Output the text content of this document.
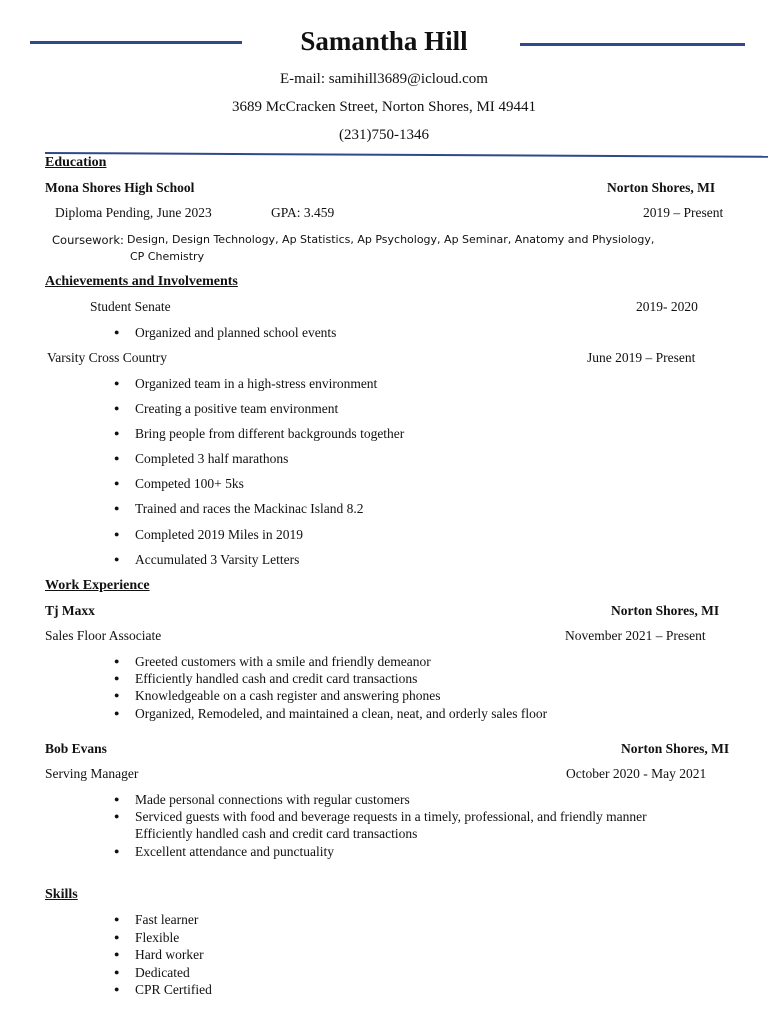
Samantha Hill
E-mail: samihill3689@icloud.com
3689 McCracken Street, Norton Shores, MI 49441
(231)750-1346
Education
Mona Shores High School	Norton Shores, MI
Diploma Pending, June 2023	GPA: 3.459	2019 – Present
Coursework: Design, Design Technology, Ap Statistics, Ap Psychology, Ap Seminar, Anatomy and Physiology,
CP Chemistry
Achievements and Involvements
Student Senate	2019- 2020
● Organized and planned school events
Varsity Cross Country	June 2019 – Present
● Organized team in a high-stress environment
● Creating a positive team environment
● Bring people from different backgrounds together
● Completed 3 half marathons
● Competed 100+ 5ks
● Trained and races the Mackinac Island 8.2
● Completed 2019 Miles in 2019
● Accumulated 3 Varsity Letters
Work Experience
Tj Maxx	Norton Shores, MI
Sales Floor Associate	November 2021 – Present
● Greeted customers with a smile and friendly demeanor
● Efficiently handled cash and credit card transactions
● Knowledgeable on a cash register and answering phones
● Organized, Remodeled, and maintained a clean, neat, and orderly sales floor
Bob Evans	Norton Shores, MI
Serving Manager	October 2020 - May 2021
● Made personal connections with regular customers
● Serviced guests with food and beverage requests in a timely, professional, and friendly manner
Efficiently handled cash and credit card transactions
● Excellent attendance and punctuality
Skills
● Fast learner
● Flexible
● Hard worker
● Dedicated
● CPR Certified
